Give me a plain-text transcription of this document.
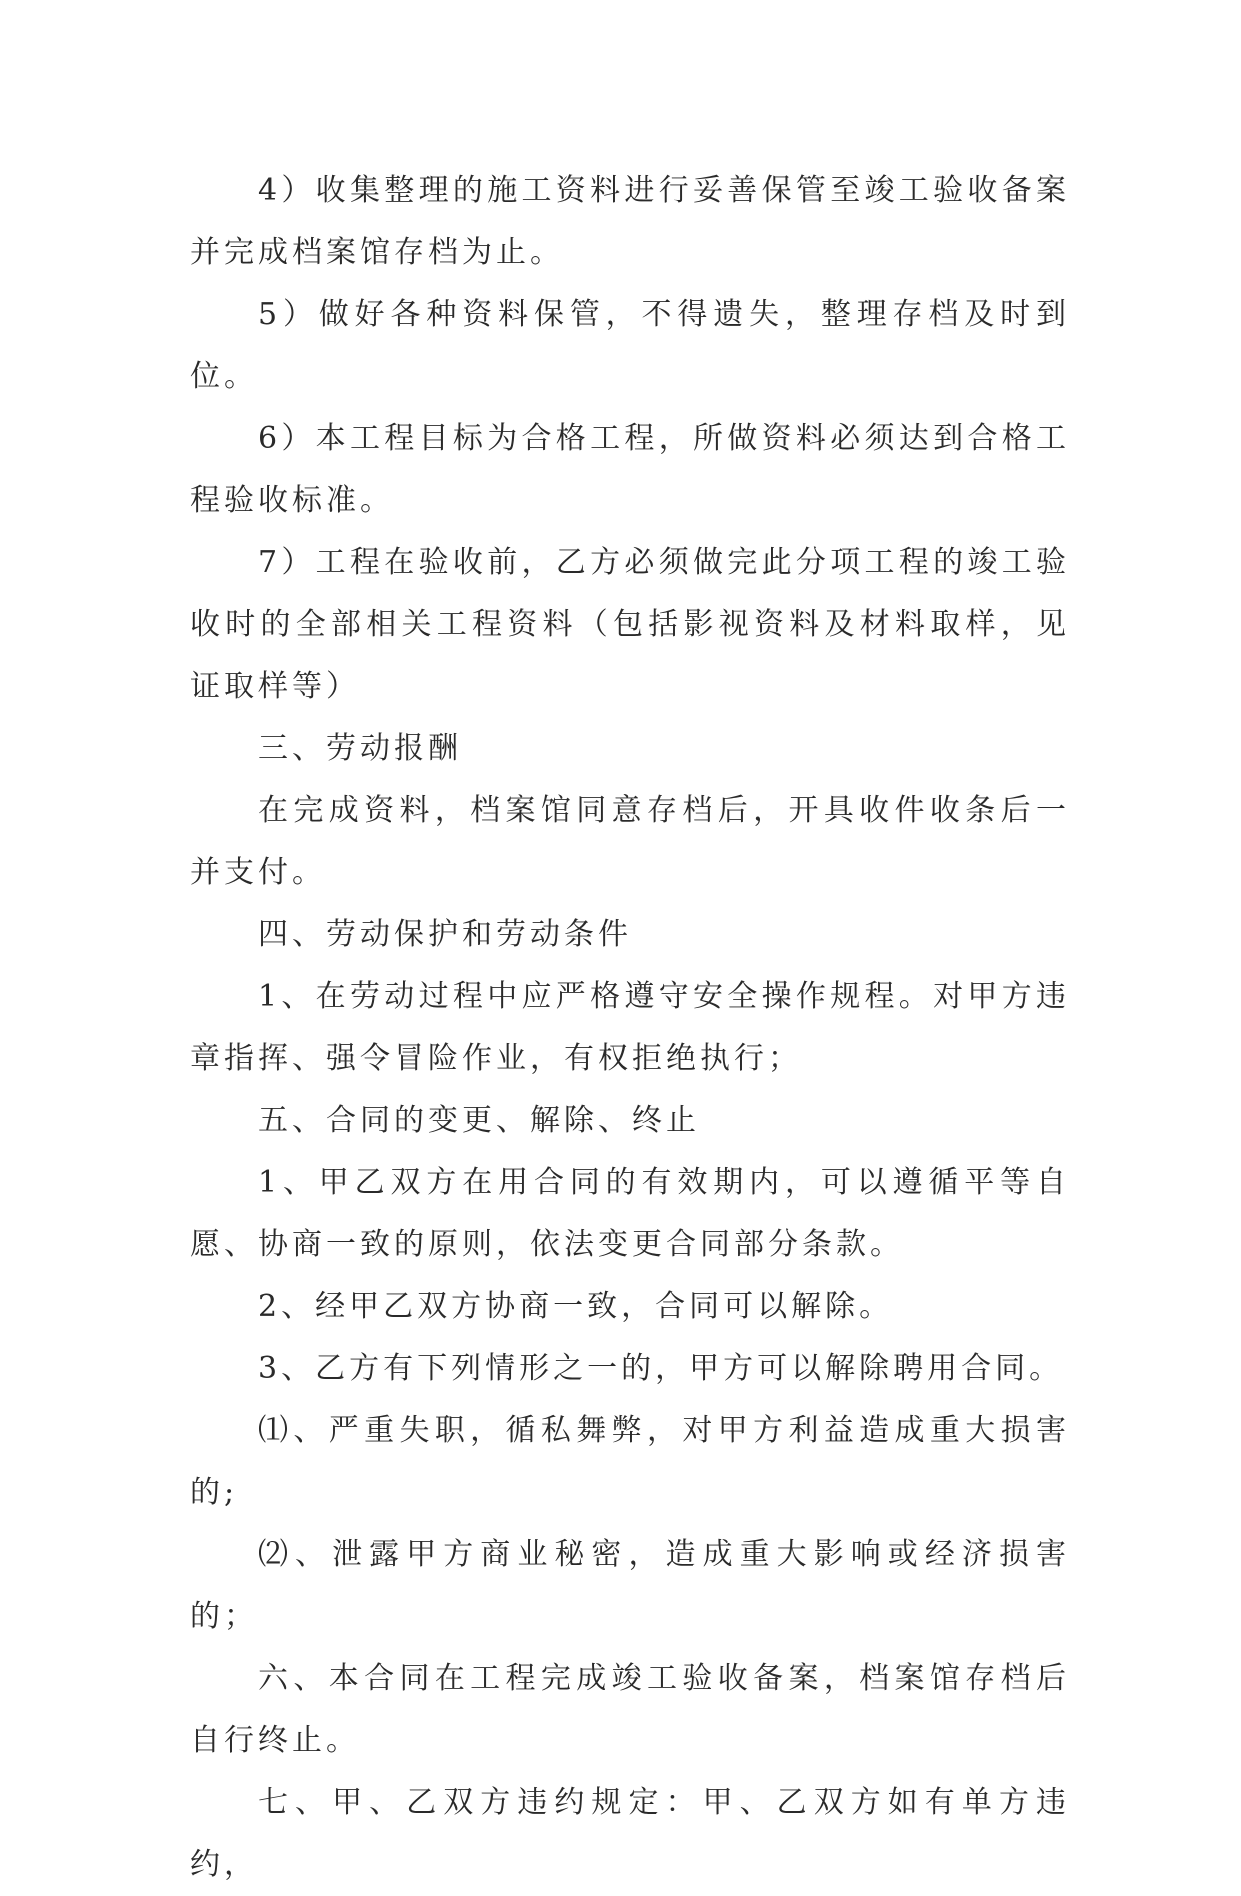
4）收集整理的施工资料进行妥善保管至竣工验收备案并完成档案馆存档为止。

5）做好各种资料保管，不得遗失，整理存档及时到位。

6）本工程目标为合格工程，所做资料必须达到合格工程验收标准。

7）工程在验收前，乙方必须做完此分项工程的竣工验收时的全部相关工程资料（包括影视资料及材料取样，见证取样等）

三、劳动报酬

在完成资料，档案馆同意存档后，开具收件收条后一并支付。

四、劳动保护和劳动条件

1、在劳动过程中应严格遵守安全操作规程。对甲方违章指挥、强令冒险作业，有权拒绝执行；

五、合同的变更、解除、终止

1、甲乙双方在用合同的有效期内，可以遵循平等自愿、协商一致的原则，依法变更合同部分条款。

2、经甲乙双方协商一致，合同可以解除。

3、乙方有下列情形之一的，甲方可以解除聘用合同。

⑴、严重失职，循私舞弊，对甲方利益造成重大损害的;

⑵、泄露甲方商业秘密，造成重大影响或经济损害的；

六、本合同在工程完成竣工验收备案，档案馆存档后自行终止。

七、甲、乙双方违约规定：甲、乙双方如有单方违约，
